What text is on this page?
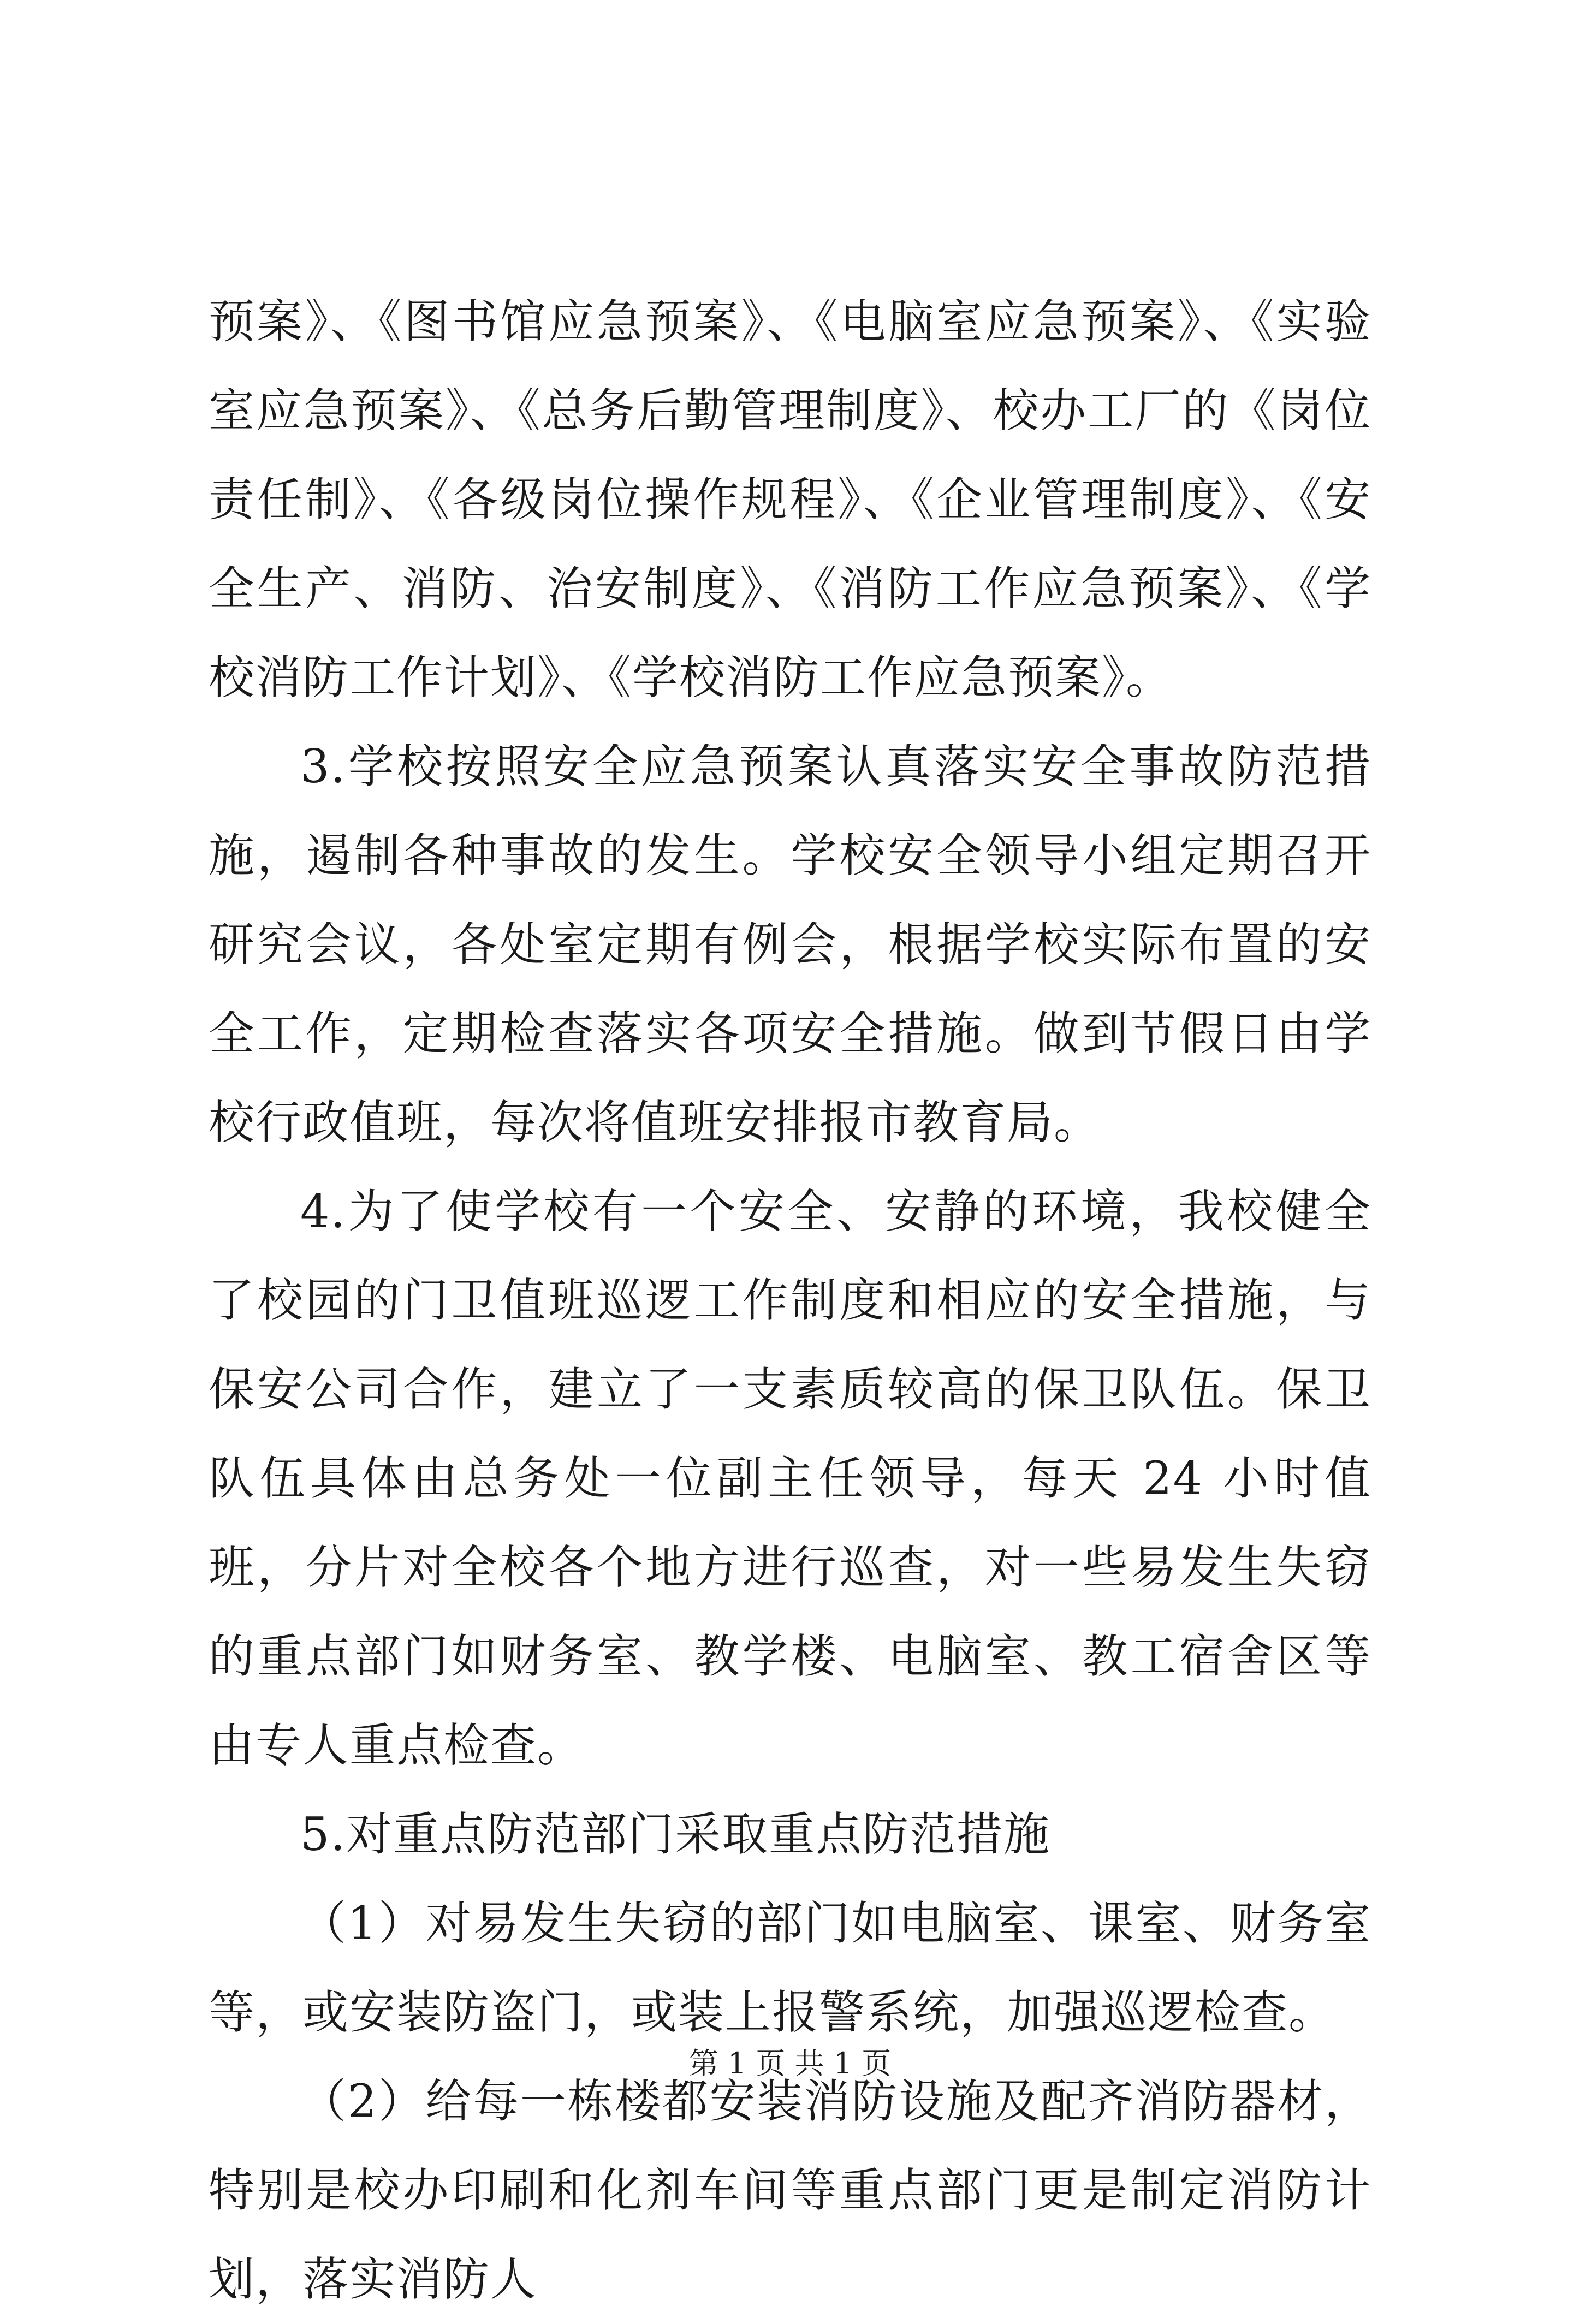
预案》、《图书馆应急预案》、《电脑室应急预案》、《实验室应急预案》、《总务后勤管理制度》、校办工厂的《岗位责任制》、《各级岗位操作规程》、《企业管理制度》、《安全生产、消防、治安制度》、《消防工作应急预案》、《学校消防工作计划》、《学校消防工作应急预案》。

3.学校按照安全应急预案认真落实安全事故防范措施，遏制各种事故的发生。学校安全领导小组定期召开研究会议，各处室定期有例会，根据学校实际布置的安全工作，定期检查落实各项安全措施。做到节假日由学校行政值班，每次将值班安排报市教育局。

4.为了使学校有一个安全、安静的环境，我校健全了校园的门卫值班巡逻工作制度和相应的安全措施，与保安公司合作，建立了一支素质较高的保卫队伍。保卫队伍具体由总务处一位副主任领导，每天 24 小时值班，分片对全校各个地方进行巡查，对一些易发生失窃的重点部门如财务室、教学楼、电脑室、教工宿舍区等由专人重点检查。

5.对重点防范部门采取重点防范措施

（1）对易发生失窃的部门如电脑室、课室、财务室等，或安装防盗门，或装上报警系统，加强巡逻检查。

（2）给每一栋楼都安装消防设施及配齐消防器材，特别是校办印刷和化剂车间等重点部门更是制定消防计划，落实消防人

第 1 页 共 1 页
